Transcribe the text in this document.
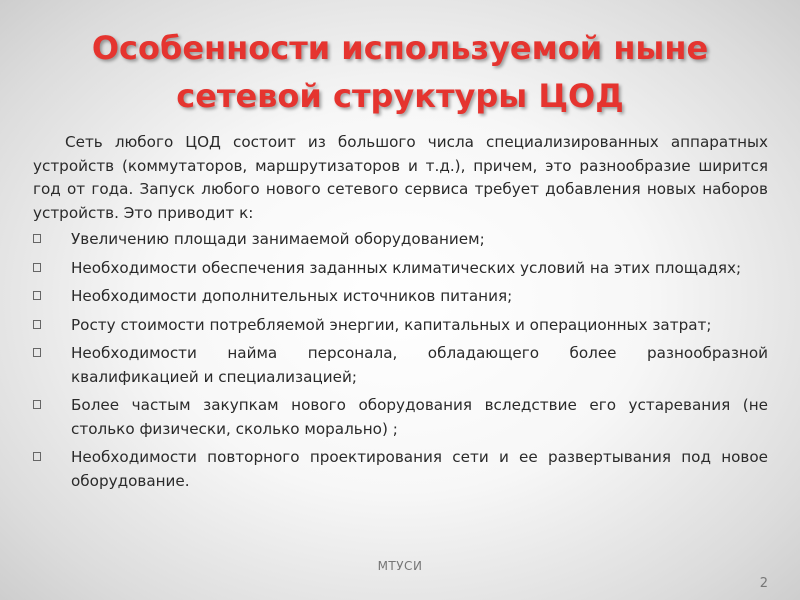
Особенности используемой ныне сетевой структуры ЦОД

Сеть любого ЦОД состоит из большого числа специализированных аппаратных устройств (коммутаторов, маршрутизаторов и т.д.), причем, это разнообразие ширится год от года. Запуск любого нового сетевого сервиса требует добавления новых наборов устройств. Это приводит к:

Увеличению площади занимаемой оборудованием;
Необходимости обеспечения заданных климатических условий на этих площадях;
Необходимости дополнительных источников питания;
Росту стоимости потребляемой энергии, капитальных и операционных затрат;
Необходимости найма персонала, обладающего более разнообразной квалификацией и специализацией;
Более частым закупкам нового оборудования вследствие его устаревания (не столько физически, сколько морально) ;
Необходимости повторного проектирования сети и ее развертывания под новое оборудование.
МТУСИ
2
